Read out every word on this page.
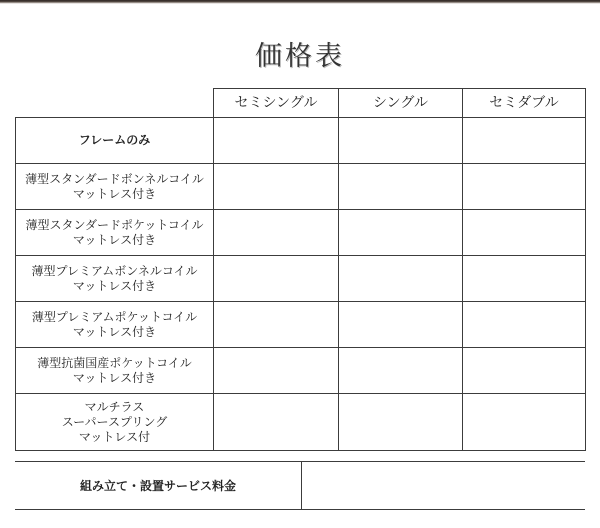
価格表
	セミシングル	シングル	セミダブル

フレームのみ			

薄型スタンダードボンネルコイル
マットレス付き			

薄型スタンダードポケットコイル
マットレス付き			

薄型プレミアムボンネルコイル
マットレス付き			

薄型プレミアムポケットコイル
マットレス付き			

薄型抗菌国産ポケットコイル
マットレス付き			

マルチラス
スーパースプリング
マットレス付			

組み立て・設置サービス料金
